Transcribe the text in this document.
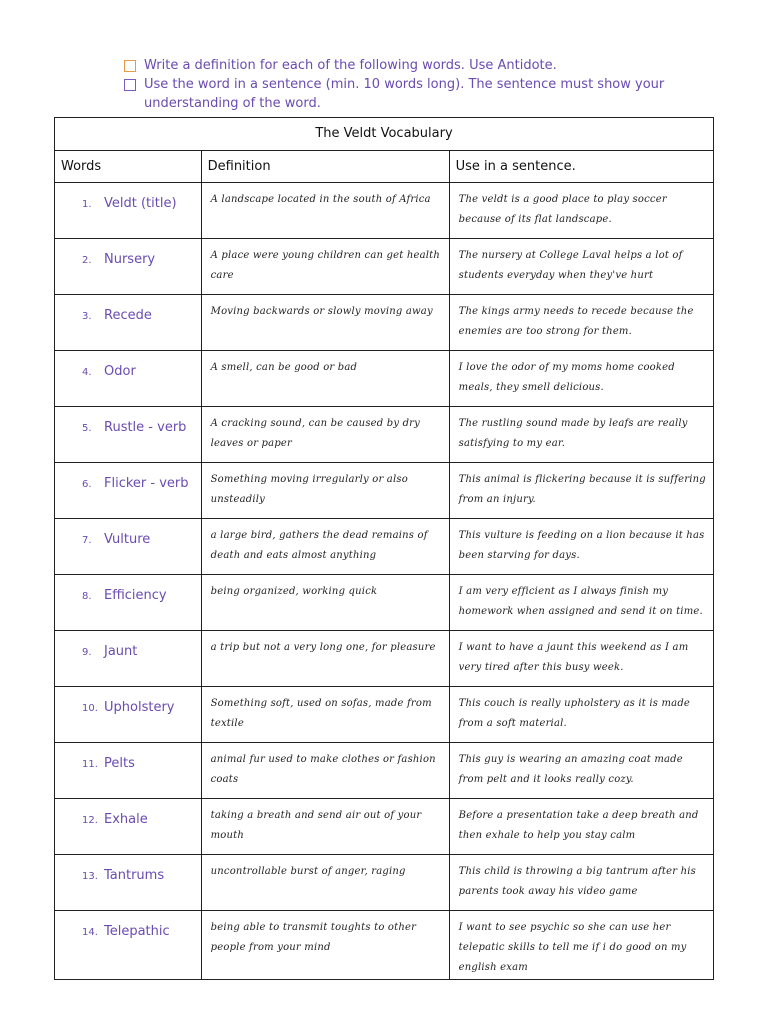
Write a definition for each of the following words. Use Antidote.
Use the word in a sentence (min. 10 words long). The sentence must show your understanding of the word.
The Veldt Vocabulary		
Words	Definition	Use in a sentence.

1. Veldt (title)	A landscape located in the south of Africa	The veldt is a good place to play soccer because of its flat landscape.

2. Nursery	A place were young children can get health care	The nursery at College Laval helps a lot of students everyday when they've hurt

3. Recede	Moving backwards or slowly moving away	The kings army needs to recede because the enemies are too strong for them.

4. Odor	A smell, can be good or bad	I love the odor of my moms home cooked meals, they smell delicious.

5. Rustle - verb	A cracking sound, can be caused by dry leaves or paper	The rustling sound made by leafs are really satisfying to my ear.

6. Flicker - verb	Something moving irregularly or also unsteadily	This animal is flickering because it is suffering from an injury.

7. Vulture	a large bird, gathers the dead remains of death and eats almost anything	This vulture is feeding on a lion because it has been starving for days.

8. Efficiency	being organized, working quick	I am very efficient as I always finish my homework when assigned and send it on time.

9. Jaunt	a trip but not a very long one, for pleasure	I want to have a jaunt this weekend as I am very tired after this busy week.

10. Upholstery	Something soft, used on sofas, made from textile	This couch is really upholstery as it is made from a soft material.

11. Pelts	animal fur used to make clothes or fashion coats	This guy is wearing an amazing coat made from pelt and it looks really cozy.

12. Exhale	taking a breath and send air out of your mouth	Before a presentation take a deep breath and then exhale to help you stay calm

13. Tantrums	uncontrollable burst of anger, raging	This child is throwing a big tantrum after his parents took away his video game

14. Telepathic	being able to transmit toughts to other people from your mind	I want to see psychic so she can use her telepatic skills to tell me if i do good on my english exam
